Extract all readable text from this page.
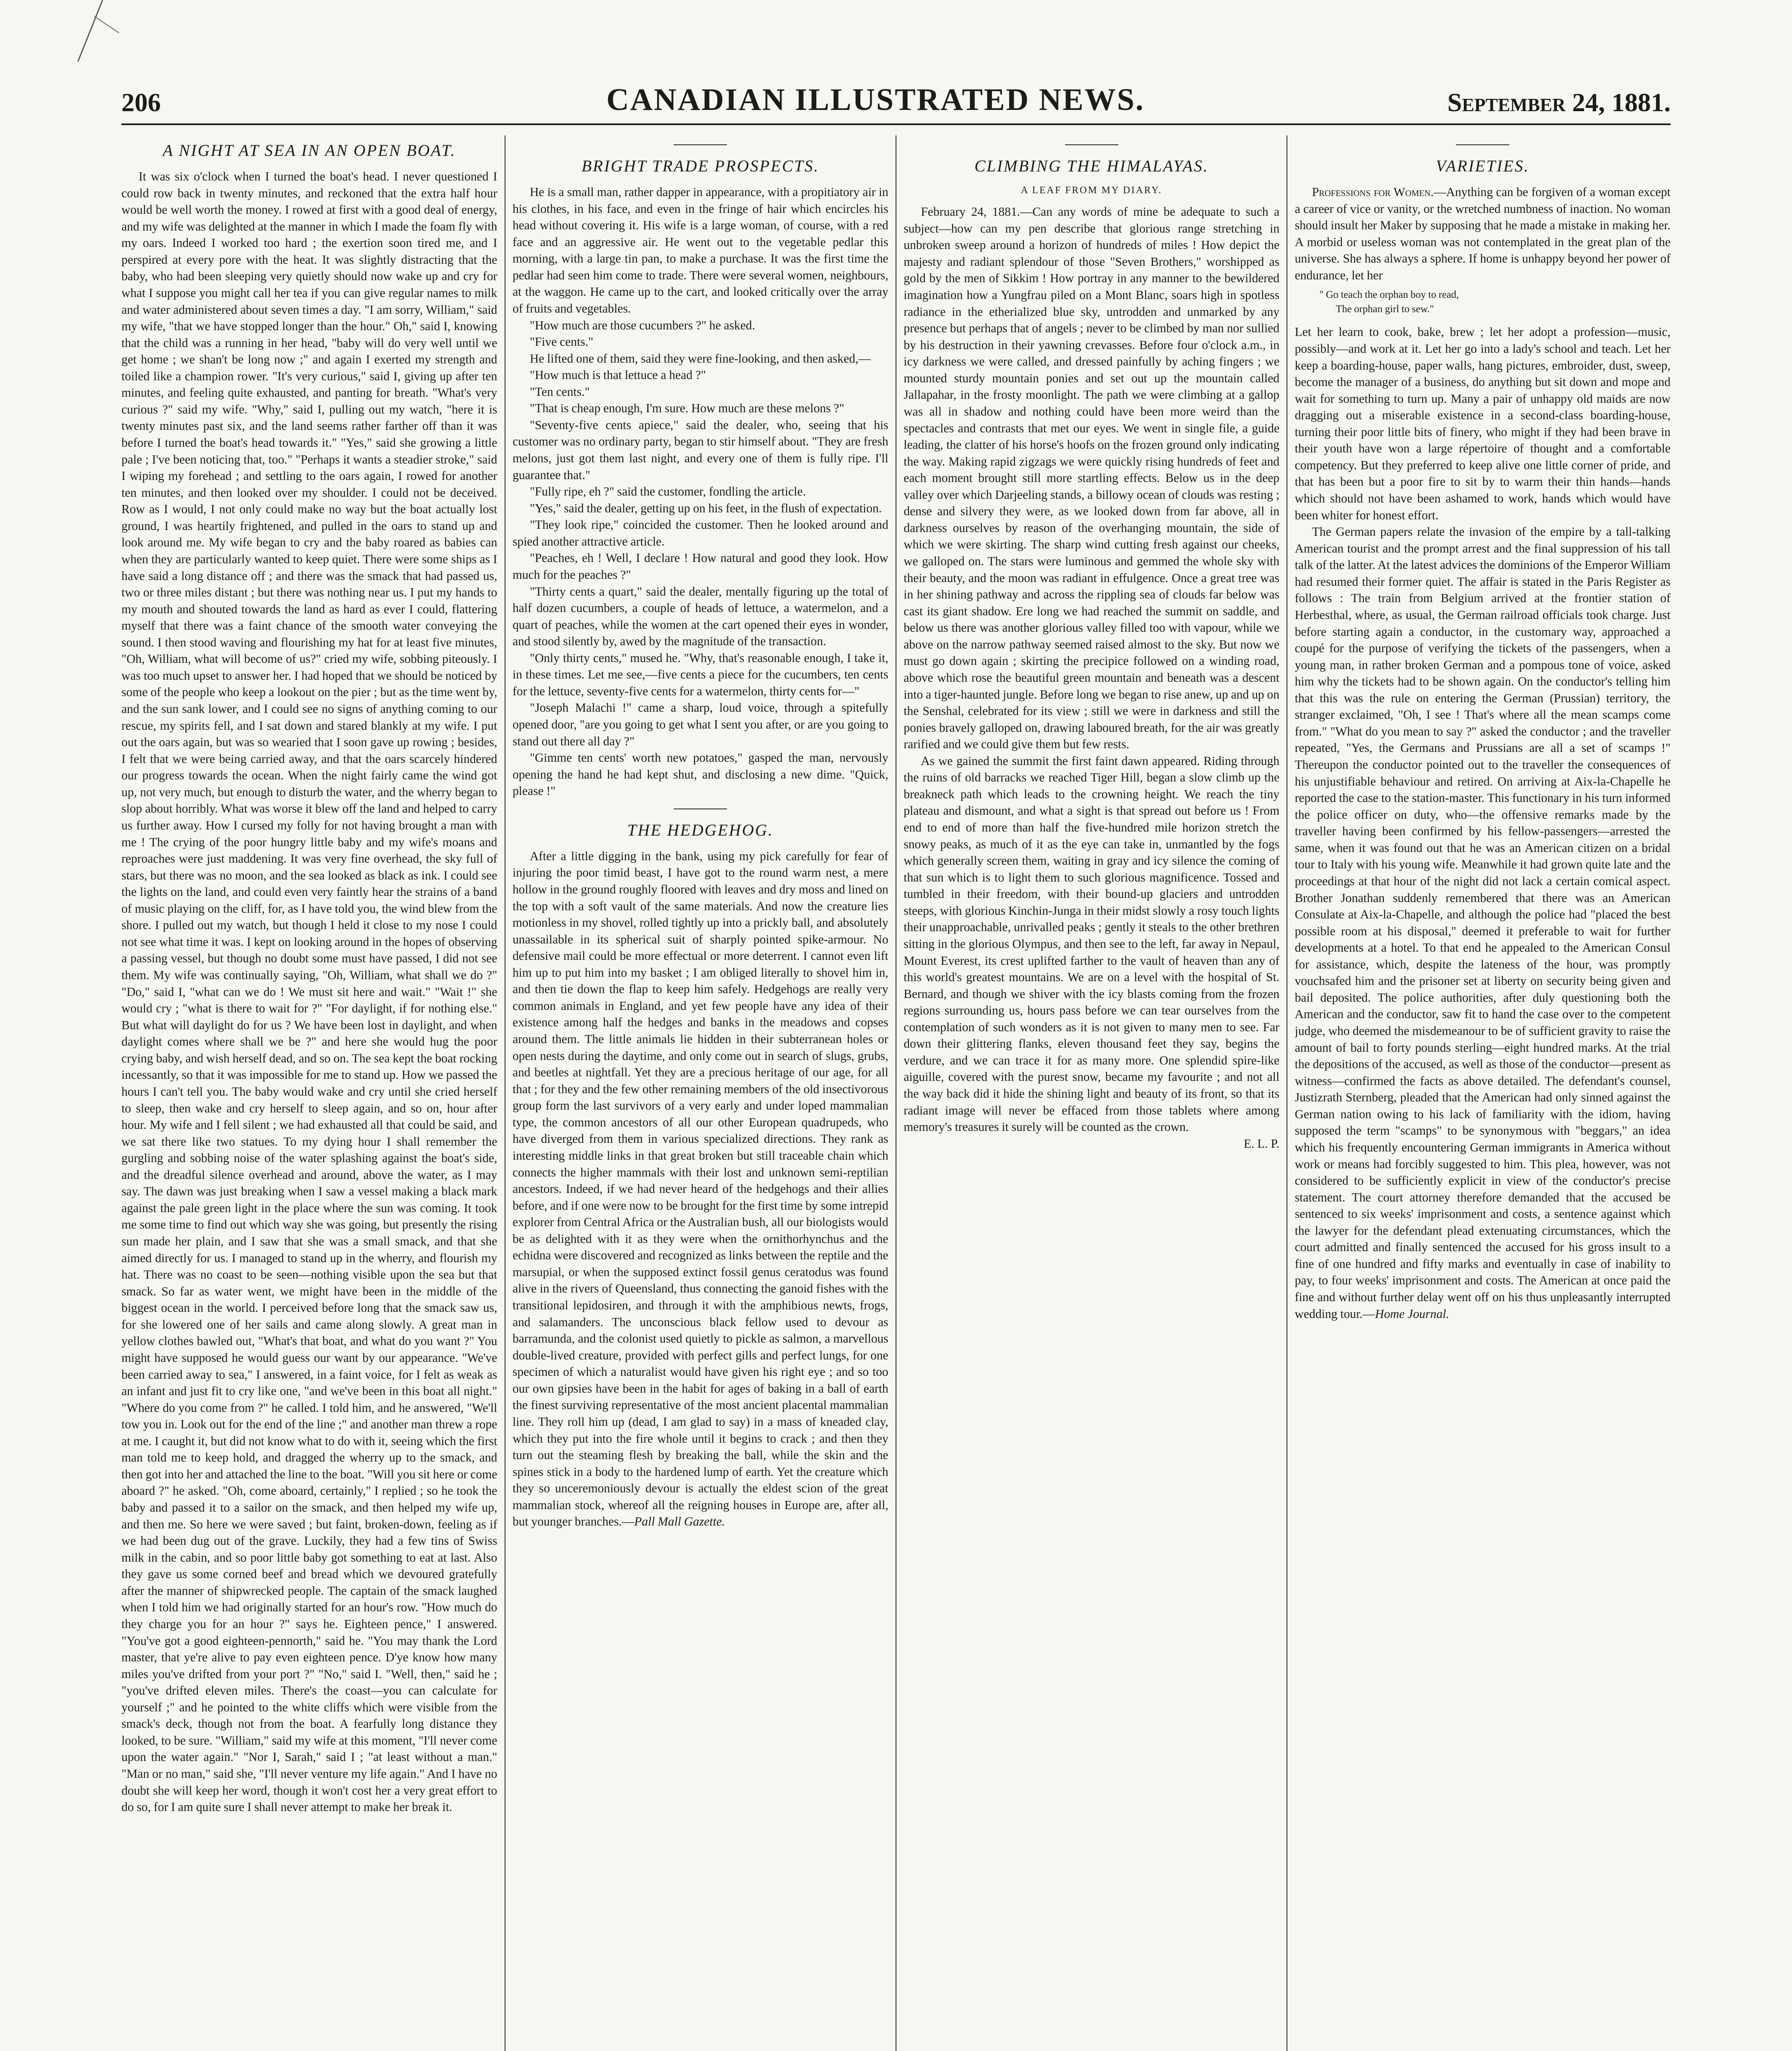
206	CANADIAN ILLUSTRATED NEWS.	September 24, 1881.
A NIGHT AT SEA IN AN OPEN BOAT.

It was six o'clock when I turned the boat's head. I never questioned I could row back in twenty minutes, and reckoned that the extra half hour would be well worth the money. I rowed at first with a good deal of energy, and my wife was delighted at the manner in which I made the foam fly with my oars. Indeed I worked too hard ; the exertion soon tired me, and I perspired at every pore with the heat. It was slightly distracting that the baby, who had been sleeping very quietly should now wake up and cry for what I suppose you might call her tea if you can give regular names to milk and water administered about seven times a day. "I am sorry, William," said my wife, "that we have stopped longer than the hour." Oh," said I, knowing that the child was a running in her head, "baby will do very well until we get home ; we shan't be long now ;" and again I exerted my strength and toiled like a champion rower. "It's very curious," said I, giving up after ten minutes, and feeling quite exhausted, and panting for breath. "What's very curious ?" said my wife. "Why," said I, pulling out my watch, "here it is twenty minutes past six, and the land seems rather farther off than it was before I turned the boat's head towards it." "Yes," said she growing a little pale ; I've been noticing that, too." "Perhaps it wants a steadier stroke," said I wiping my forehead ; and settling to the oars again, I rowed for another ten minutes, and then looked over my shoulder. I could not be deceived. Row as I would, I not only could make no way but the boat actually lost ground, I was heartily frightened, and pulled in the oars to stand up and look around me. My wife began to cry and the baby roared as babies can when they are particularly wanted to keep quiet. There were some ships as I have said a long distance off ; and there was the smack that had passed us, two or three miles distant ; but there was nothing near us. I put my hands to my mouth and shouted towards the land as hard as ever I could, flattering myself that there was a faint chance of the smooth water conveying the sound. I then stood waving and flourishing my hat for at least five minutes, "Oh, William, what will become of us?" cried my wife, sobbing piteously. I was too much upset to answer her. I had hoped that we should be noticed by some of the people who keep a lookout on the pier ; but as the time went by, and the sun sank lower, and I could see no signs of anything coming to our rescue, my spirits fell, and I sat down and stared blankly at my wife. I put out the oars again, but was so wearied that I soon gave up rowing ; besides, I felt that we were being carried away, and that the oars scarcely hindered our progress towards the ocean. When the night fairly came the wind got up, not very much, but enough to disturb the water, and the wherry began to slop about horribly. What was worse it blew off the land and helped to carry us further away. How I cursed my folly for not having brought a man with me ! The crying of the poor hungry little baby and my wife's moans and reproaches were just maddening. It was very fine overhead, the sky full of stars, but there was no moon, and the sea looked as black as ink. I could see the lights on the land, and could even very faintly hear the strains of a band of music playing on the cliff, for, as I have told you, the wind blew from the shore. I pulled out my watch, but though I held it close to my nose I could not see what time it was. I kept on looking around in the hopes of observing a passing vessel, but though no doubt some must have passed, I did not see them. My wife was continually saying, "Oh, William, what shall we do ?" "Do," said I, "what can we do ! We must sit here and wait." "Wait !" she would cry ; "what is there to wait for ?" "For daylight, if for nothing else." But what will daylight do for us ? We have been lost in daylight, and when daylight comes where shall we be ?" and here she would hug the poor crying baby, and wish herself dead, and so on. The sea kept the boat rocking incessantly, so that it was impossible for me to stand up. How we passed the hours I can't tell you. The baby would wake and cry until she cried herself to sleep, then wake and cry herself to sleep again, and so on, hour after hour. My wife and I fell silent ; we had exhausted all that could be said, and we sat there like two statues. To my dying hour I shall remember the gurgling and sobbing noise of the water splashing against the boat's side, and the dreadful silence overhead and around, above the water, as I may say. The dawn was just breaking when I saw a vessel making a black mark against the pale green light in the place where the sun was coming. It took me some time to find out which way she was going, but presently the rising sun made her plain, and I saw that she was a small smack, and that she aimed directly for us. I managed to stand up in the wherry, and flourish my hat. There was no coast to be seen—nothing visible upon the sea but that smack. So far as water went, we might have been in the middle of the biggest ocean in the world. I perceived before long that the smack saw us, for she lowered one of her sails and came along slowly. A great man in yellow clothes bawled out, "What's that boat, and what do you want ?" You might have supposed he would guess our want by our appearance. "We've been carried away to sea," I answered, in a faint voice, for I felt as weak as an infant and just fit to cry like one, "and we've been in this boat all night." "Where do you come from ?" he called. I told him, and he answered, "We'll tow you in. Look out for the end of the line ;" and another man threw a rope at me. I caught it, but did not know what to do with it, seeing which the first man told me to keep hold, and dragged the wherry up to the smack, and then got into her and attached the line to the boat. "Will you sit here or come aboard ?" he asked. "Oh, come aboard, certainly," I replied ; so he took the baby and passed it to a sailor on the smack, and then helped my wife up, and then me. So here we were saved ; but faint, broken-down, feeling as if we had been dug out of the grave. Luckily, they had a few tins of Swiss milk in the cabin, and so poor little baby got something to eat at last. Also they gave us some corned beef and bread which we devoured gratefully after the manner of shipwrecked people. The captain of the smack laughed when I told him we had originally started for an hour's row. "How much do they charge you for an hour ?" says he. Eighteen pence," I answered. "You've got a good eighteen-pennorth," said he. "You may thank the Lord master, that ye're alive to pay even eighteen pence. D'ye know how many miles you've drifted from your port ?" "No," said I. "Well, then," said he ; "you've drifted eleven miles. There's the coast—you can calculate for yourself ;" and he pointed to the white cliffs which were visible from the smack's deck, though not from the boat. A fearfully long distance they looked, to be sure. "William," said my wife at this moment, "I'll never come upon the water again." "Nor I, Sarah," said I ; "at least without a man." "Man or no man," said she, "I'll never venture my life again." And I have no doubt she will keep her word, though it won't cost her a very great effort to do so, for I am quite sure I shall never attempt to make her break it.

BRIGHT TRADE PROSPECTS.

He is a small man, rather dapper in appearance, with a propitiatory air in his clothes, in his face, and even in the fringe of hair which encircles his head without covering it. His wife is a large woman, of course, with a red face and an aggressive air. He went out to the vegetable pedlar this morning, with a large tin pan, to make a purchase. It was the first time the pedlar had seen him come to trade. There were several women, neighbours, at the waggon. He came up to the cart, and looked critically over the array of fruits and vegetables.

"How much are those cucumbers ?" he asked.

"Five cents."

He lifted one of them, said they were fine-looking, and then asked,—

"How much is that lettuce a head ?"

"Ten cents."

"That is cheap enough, I'm sure. How much are these melons ?"

"Seventy-five cents apiece," said the dealer, who, seeing that his customer was no ordinary party, began to stir himself about. "They are fresh melons, just got them last night, and every one of them is fully ripe. I'll guarantee that."

"Fully ripe, eh ?" said the customer, fondling the article.

"Yes," said the dealer, getting up on his feet, in the flush of expectation.

"They look ripe," coincided the customer. Then he looked around and spied another attractive article.

"Peaches, eh ! Well, I declare ! How natural and good they look. How much for the peaches ?"

"Thirty cents a quart," said the dealer, mentally figuring up the total of half dozen cucumbers, a couple of heads of lettuce, a watermelon, and a quart of peaches, while the women at the cart opened their eyes in wonder, and stood silently by, awed by the magnitude of the transaction.

"Only thirty cents," mused he. "Why, that's reasonable enough, I take it, in these times. Let me see,—five cents a piece for the cucumbers, ten cents for the lettuce, seventy-five cents for a watermelon, thirty cents for—"

"Joseph Malachi !" came a sharp, loud voice, through a spitefully opened door, "are you going to get what I sent you after, or are you going to stand out there all day ?"

"Gimme ten cents' worth new potatoes," gasped the man, nervously opening the hand he had kept shut, and disclosing a new dime. "Quick, please !"

THE HEDGEHOG.

After a little digging in the bank, using my pick carefully for fear of injuring the poor timid beast, I have got to the round warm nest, a mere hollow in the ground roughly floored with leaves and dry moss and lined on the top with a soft vault of the same materials. And now the creature lies motionless in my shovel, rolled tightly up into a prickly ball, and absolutely unassailable in its spherical suit of sharply pointed spike-armour. No defensive mail could be more effectual or more deterrent. I cannot even lift him up to put him into my basket ; I am obliged literally to shovel him in, and then tie down the flap to keep him safely. Hedgehogs are really very common animals in England, and yet few people have any idea of their existence among half the hedges and banks in the meadows and copses around them. The little animals lie hidden in their subterranean holes or open nests during the daytime, and only come out in search of slugs, grubs, and beetles at nightfall. Yet they are a precious heritage of our age, for all that ; for they and the few other remaining members of the old insectivorous group form the last survivors of a very early and under loped mammalian type, the common ancestors of all our other European quadrupeds, who have diverged from them in various specialized directions. They rank as interesting middle links in that great broken but still traceable chain which connects the higher mammals with their lost and unknown semi-reptilian ancestors. Indeed, if we had never heard of the hedgehogs and their allies before, and if one were now to be brought for the first time by some intrepid explorer from Central Africa or the Australian bush, all our biologists would be as delighted with it as they were when the ornithorhynchus and the echidna were discovered and recognized as links between the reptile and the marsupial, or when the supposed extinct fossil genus ceratodus was found alive in the rivers of Queensland, thus connecting the ganoid fishes with the transitional lepidosiren, and through it with the amphibious newts, frogs, and salamanders. The unconscious black fellow used to devour as barramunda, and the colonist used quietly to pickle as salmon, a marvellous double-lived creature, provided with perfect gills and perfect lungs, for one specimen of which a naturalist would have given his right eye ; and so too our own gipsies have been in the habit for ages of baking in a ball of earth the finest surviving representative of the most ancient placental mammalian line. They roll him up (dead, I am glad to say) in a mass of kneaded clay, which they put into the fire whole until it begins to crack ; and then they turn out the steaming flesh by breaking the ball, while the skin and the spines stick in a body to the hardened lump of earth. Yet the creature which they so unceremoniously devour is actually the eldest scion of the great mammalian stock, whereof all the reigning houses in Europe are, after all, but younger branches.—Pall Mall Gazette.

CLIMBING THE HIMALAYAS.
A LEAF FROM MY DIARY.

February 24, 1881.—Can any words of mine be adequate to such a subject—how can my pen describe that glorious range stretching in unbroken sweep around a horizon of hundreds of miles ! How depict the majesty and radiant splendour of those "Seven Brothers," worshipped as gold by the men of Sikkim ! How portray in any manner to the bewildered imagination how a Yungfrau piled on a Mont Blanc, soars high in spotless radiance in the etherialized blue sky, untrodden and unmarked by any presence but perhaps that of angels ; never to be climbed by man nor sullied by his destruction in their yawning crevasses. Before four o'clock a.m., in icy darkness we were called, and dressed painfully by aching fingers ; we mounted sturdy mountain ponies and set out up the mountain called Jallapahar, in the frosty moonlight. The path we were climbing at a gallop was all in shadow and nothing could have been more weird than the spectacles and contrasts that met our eyes. We went in single file, a guide leading, the clatter of his horse's hoofs on the frozen ground only indicating the way. Making rapid zigzags we were quickly rising hundreds of feet and each moment brought still more startling effects. Below us in the deep valley over which Darjeeling stands, a billowy ocean of clouds was resting ; dense and silvery they were, as we looked down from far above, all in darkness ourselves by reason of the overhanging mountain, the side of which we were skirting. The sharp wind cutting fresh against our cheeks, we galloped on. The stars were luminous and gemmed the whole sky with their beauty, and the moon was radiant in effulgence. Once a great tree was in her shining pathway and across the rippling sea of clouds far below was cast its giant shadow. Ere long we had reached the summit on saddle, and below us there was another glorious valley filled too with vapour, while we above on the narrow pathway seemed raised almost to the sky. But now we must go down again ; skirting the precipice followed on a winding road, above which rose the beautiful green mountain and beneath was a descent into a tiger-haunted jungle. Before long we began to rise anew, up and up on the Senshal, celebrated for its view ; still we were in darkness and still the ponies bravely galloped on, drawing laboured breath, for the air was greatly rarified and we could give them but few rests.

As we gained the summit the first faint dawn appeared. Riding through the ruins of old barracks we reached Tiger Hill, began a slow climb up the breakneck path which leads to the crowning height. We reach the tiny plateau and dismount, and what a sight is that spread out before us ! From end to end of more than half the five-hundred mile horizon stretch the snowy peaks, as much of it as the eye can take in, unmantled by the fogs which generally screen them, waiting in gray and icy silence the coming of that sun which is to light them to such glorious magnificence. Tossed and tumbled in their freedom, with their bound-up glaciers and untrodden steeps, with glorious Kinchin-Junga in their midst slowly a rosy touch lights their unapproachable, unrivalled peaks ; gently it steals to the other brethren sitting in the glorious Olympus, and then see to the left, far away in Nepaul, Mount Everest, its crest uplifted farther to the vault of heaven than any of this world's greatest mountains. We are on a level with the hospital of St. Bernard, and though we shiver with the icy blasts coming from the frozen regions surrounding us, hours pass before we can tear ourselves from the contemplation of such wonders as it is not given to many men to see. Far down their glittering flanks, eleven thousand feet they say, begins the verdure, and we can trace it for as many more. One splendid spire-like aiguille, covered with the purest snow, became my favourite ; and not all the way back did it hide the shining light and beauty of its front, so that its radiant image will never be effaced from those tablets where among memory's treasures it surely will be counted as the crown.

E. L. P.

VARIETIES.

Professions for Women.—Anything can be forgiven of a woman except a career of vice or vanity, or the wretched numbness of inaction. No woman should insult her Maker by supposing that he made a mistake in making her. A morbid or useless woman was not contemplated in the great plan of the universe. She has always a sphere. If home is unhappy beyond her power of endurance, let her

" Go teach the orphan boy to read,
The orphan girl to sew."

Let her learn to cook, bake, brew ; let her adopt a profession—music, possibly—and work at it. Let her go into a lady's school and teach. Let her keep a boarding-house, paper walls, hang pictures, embroider, dust, sweep, become the manager of a business, do anything but sit down and mope and wait for something to turn up. Many a pair of unhappy old maids are now dragging out a miserable existence in a second-class boarding-house, turning their poor little bits of finery, who might if they had been brave in their youth have won a large répertoire of thought and a comfortable competency. But they preferred to keep alive one little corner of pride, and that has been but a poor fire to sit by to warm their thin hands—hands which should not have been ashamed to work, hands which would have been whiter for honest effort.

The German papers relate the invasion of the empire by a tall-talking American tourist and the prompt arrest and the final suppression of his tall talk of the latter. At the latest advices the dominions of the Emperor William had resumed their former quiet. The affair is stated in the Paris Register as follows : The train from Belgium arrived at the frontier station of Herbesthal, where, as usual, the German railroad officials took charge. Just before starting again a conductor, in the customary way, approached a coupé for the purpose of verifying the tickets of the passengers, when a young man, in rather broken German and a pompous tone of voice, asked him why the tickets had to be shown again. On the conductor's telling him that this was the rule on entering the German (Prussian) territory, the stranger exclaimed, "Oh, I see ! That's where all the mean scamps come from." "What do you mean to say ?" asked the conductor ; and the traveller repeated, "Yes, the Germans and Prussians are all a set of scamps !" Thereupon the conductor pointed out to the traveller the consequences of his unjustifiable behaviour and retired. On arriving at Aix-la-Chapelle he reported the case to the station-master. This functionary in his turn informed the police officer on duty, who—the offensive remarks made by the traveller having been confirmed by his fellow-passengers—arrested the same, when it was found out that he was an American citizen on a bridal tour to Italy with his young wife. Meanwhile it had grown quite late and the proceedings at that hour of the night did not lack a certain comical aspect. Brother Jonathan suddenly remembered that there was an American Consulate at Aix-la-Chapelle, and although the police had "placed the best possible room at his disposal," deemed it preferable to wait for further developments at a hotel. To that end he appealed to the American Consul for assistance, which, despite the lateness of the hour, was promptly vouchsafed him and the prisoner set at liberty on security being given and bail deposited. The police authorities, after duly questioning both the American and the conductor, saw fit to hand the case over to the competent judge, who deemed the misdemeanour to be of sufficient gravity to raise the amount of bail to forty pounds sterling—eight hundred marks. At the trial the depositions of the accused, as well as those of the conductor—present as witness—confirmed the facts as above detailed. The defendant's counsel, Justizrath Sternberg, pleaded that the American had only sinned against the German nation owing to his lack of familiarity with the idiom, having supposed the term "scamps" to be synonymous with "beggars," an idea which his frequently encountering German immigrants in America without work or means had forcibly suggested to him. This plea, however, was not considered to be sufficiently explicit in view of the conductor's precise statement. The court attorney therefore demanded that the accused be sentenced to six weeks' imprisonment and costs, a sentence against which the lawyer for the defendant plead extenuating circumstances, which the court admitted and finally sentenced the accused for his gross insult to a fine of one hundred and fifty marks and eventually in case of inability to pay, to four weeks' imprisonment and costs. The American at once paid the fine and without further delay went off on his thus unpleasantly interrupted wedding tour.—Home Journal.
